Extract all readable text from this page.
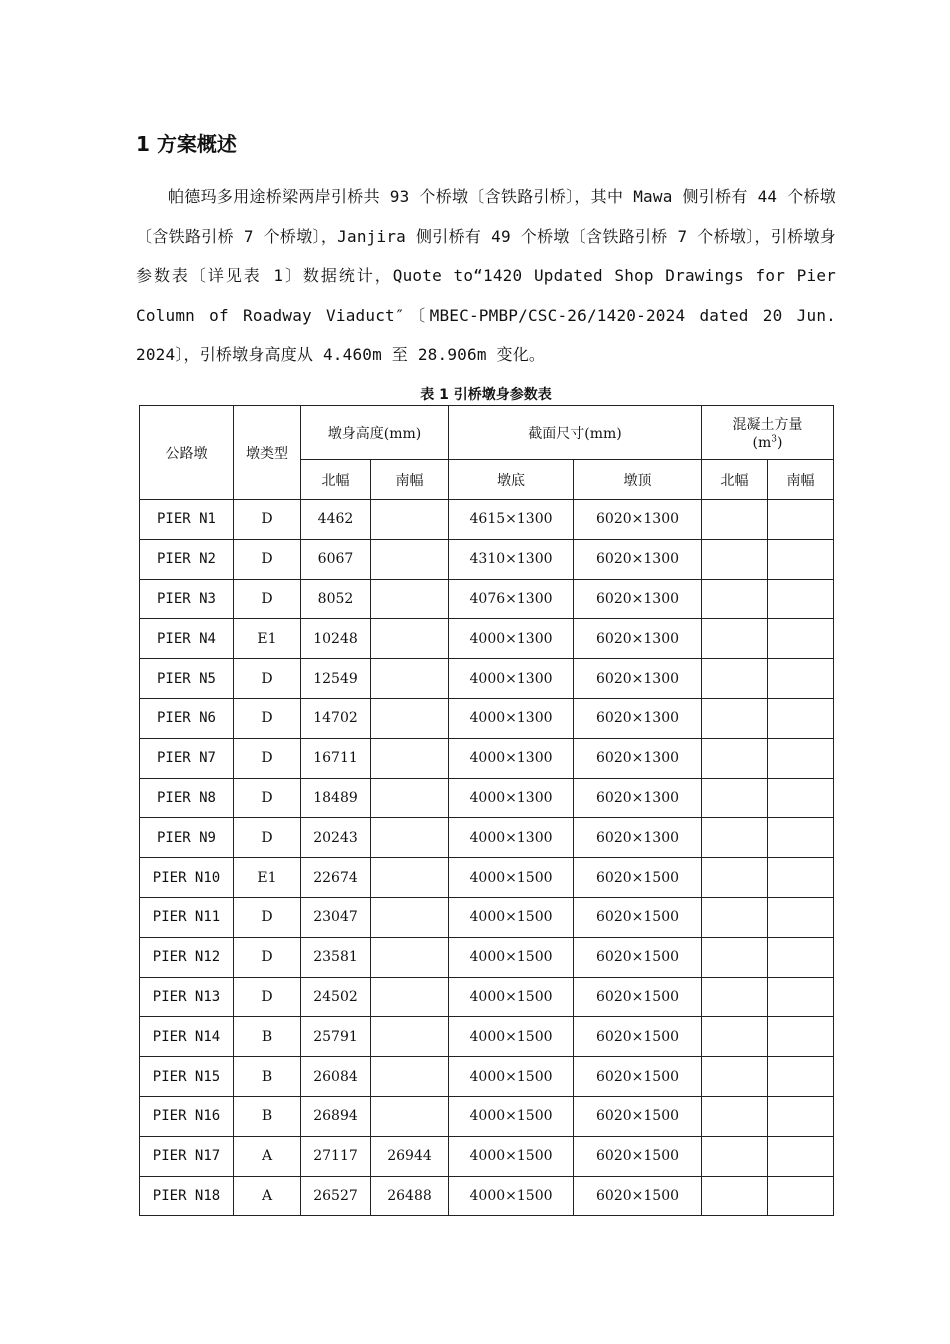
1 方案概述

帕德玛多用途桥梁两岸引桥共 93 个桥墩〔含铁路引桥〕，其中 Mawa 侧引桥有 44 个桥墩〔含铁路引桥 7 个桥墩〕，Janjira 侧引桥有 49 个桥墩〔含铁路引桥 7 个桥墩〕，引桥墩身参数表〔详见表 1〕数据统计，Quote to“1420 Updated Shop Drawings for Pier Column of Roadway Viaduct″〔MBEC-PMBP/CSC-26/1420-2024 dated 20 Jun. 2024〕，引桥墩身高度从 4.460m 至 28.906m 变化。

表 1 引桥墩身参数表
公路墩	墩类型	墩身高度(mm)		截面尺寸(mm)		混凝土方量
$(m^3)$	
		北幅	南幅	墩底	墩顶	北幅	南幅
PIER N1	D	4462		4615×1300	6020×1300		
PIER N2	D	6067		4310×1300	6020×1300		
PIER N3	D	8052		4076×1300	6020×1300		
PIER N4	E1	10248		4000×1300	6020×1300		
PIER N5	D	12549		4000×1300	6020×1300		
PIER N6	D	14702		4000×1300	6020×1300		
PIER N7	D	16711		4000×1300	6020×1300		
PIER N8	D	18489		4000×1300	6020×1300		
PIER N9	D	20243		4000×1300	6020×1300		
PIER N10	E1	22674		4000×1500	6020×1500		
PIER N11	D	23047		4000×1500	6020×1500		
PIER N12	D	23581		4000×1500	6020×1500		
PIER N13	D	24502		4000×1500	6020×1500		
PIER N14	B	25791		4000×1500	6020×1500		
PIER N15	B	26084		4000×1500	6020×1500		
PIER N16	B	26894		4000×1500	6020×1500		
PIER N17	A	27117	26944	4000×1500	6020×1500		
PIER N18	A	26527	26488	4000×1500	6020×1500		
